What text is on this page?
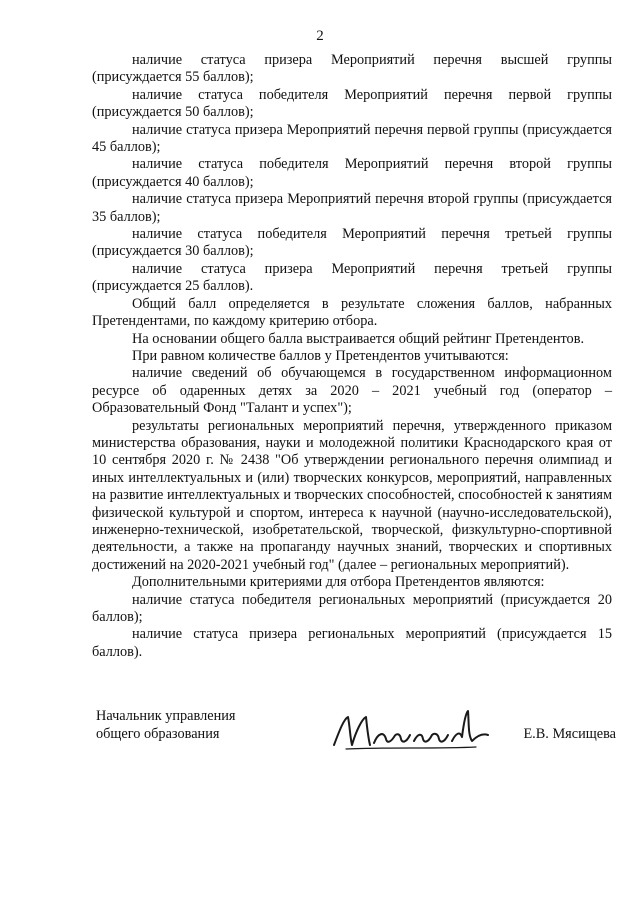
2

наличие статуса призера Мероприятий перечня высшей группы (присуждается 55 баллов);

наличие статуса победителя Мероприятий перечня первой группы (присуждается 50 баллов);

наличие статуса призера Мероприятий перечня первой группы (присуждается 45 баллов);

наличие статуса победителя Мероприятий перечня второй группы (присуждается 40 баллов);

наличие статуса призера Мероприятий перечня второй группы (присуждается 35 баллов);

наличие статуса победителя Мероприятий перечня третьей группы (присуждается 30 баллов);

наличие статуса призера Мероприятий перечня третьей группы (присуждается 25 баллов).

Общий балл определяется в результате сложения баллов, набранных Претендентами, по каждому критерию отбора.

На основании общего балла выстраивается общий рейтинг Претендентов.

При равном количестве баллов у Претендентов учитываются:

наличие сведений об обучающемся в государственном информационном ресурсе об одаренных детях за 2020 – 2021 учебный год (оператор – Образовательный Фонд "Талант и успех");

результаты региональных мероприятий перечня, утвержденного приказом министерства образования, науки и молодежной политики Краснодарского края от 10 сентября 2020 г. № 2438 "Об утверждении регионального перечня олимпиад и иных интеллектуальных и (или) творческих конкурсов, мероприятий, направленных на развитие интеллектуальных и творческих способностей, способностей к занятиям физической культурой и спортом, интереса к научной (научно-исследовательской), инженерно-технической, изобретательской, творческой, физкультурно-спортивной деятельности, а также на пропаганду научных знаний, творческих и спортивных достижений на 2020-2021 учебный год" (далее – региональных мероприятий).

Дополнительными критериями для отбора Претендентов являются:

наличие статуса победителя региональных мероприятий (присуждается 20 баллов);

наличие статуса призера региональных мероприятий (присуждается 15 баллов).

Начальник управления
общего образования	Е.В. Мясищева
